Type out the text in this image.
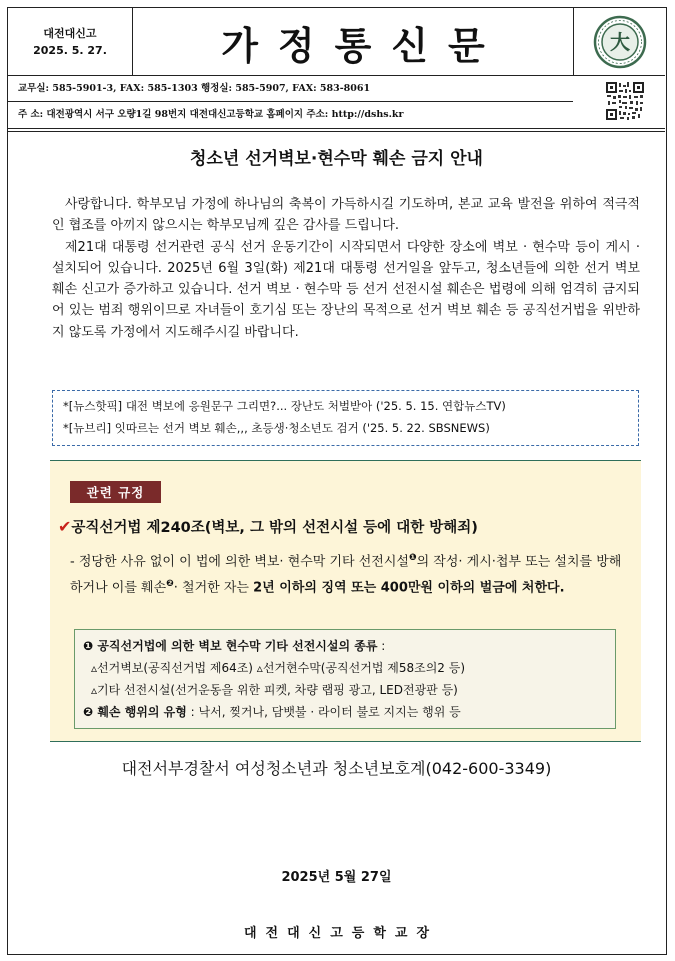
대전대신고
2025. 5. 27.	가정통신문	大
교무실: 585-5901-3, FAX: 585-1303 행정실: 585-5907, FAX: 583-8061
주 소: 대전광역시 서구 오량1길 98번지 대전대신고등학교 홈페이지 주소: http://dshs.kr
청소년 선거벽보·현수막 훼손 금지 안내

사랑합니다. 학부모님 가정에 하나님의 축복이 가득하시길 기도하며, 본교 교육 발전을 위하여 적극적인 협조를 아끼지 않으시는 학부모님께 깊은 감사를 드립니다.

제21대 대통령 선거관련 공식 선거 운동기간이 시작되면서 다양한 장소에 벽보 · 현수막 등이 게시 · 설치되어 있습니다. 2025년 6월 3일(화) 제21대 대통령 선거일을 앞두고, 청소년들에 의한 선거 벽보 훼손 신고가 증가하고 있습니다. 선거 벽보 · 현수막 등 선거 선전시설 훼손은 법령에 의해 엄격히 금지되어 있는 범죄 행위이므로 자녀들이 호기심 또는 장난의 목적으로 선거 벽보 훼손 등 공직선거법을 위반하지 않도록 가정에서 지도해주시길 바랍니다.

*[뉴스핫픽] 대전 벽보에 응원문구 그리면?... 장난도 처벌받아 ('25. 5. 15. 연합뉴스TV)
*[뉴브리] 잇따르는 선거 벽보 훼손,,, 초등생·청소년도 검거 ('25. 5. 22. SBSNEWS)
관련 규정
✔공직선거법 제240조(벽보, 그 밖의 선전시설 등에 대한 방해죄)
- 정당한 사유 없이 이 법에 의한 벽보· 현수막 기타 선전시설$^❶$의 작성· 게시·첩부 또는 설치를 방해하거나 이를 훼손$^❷$· 철거한 자는 2년 이하의 징역 또는 400만원 이하의 벌금에 처한다.
❶ 공직선거법에 의한 벽보 현수막 기타 선전시설의 종류 :
▵선거벽보(공직선거법 제64조) ▵선거현수막(공직선거법 제58조의2 등)
▵기타 선전시설(선거운동을 위한 피켓, 차량 랩핑 광고, LED전광판 등)
❷ 훼손 행위의 유형 : 낙서, 찢거나, 담뱃불 · 라이터 불로 지지는 행위 등
대전서부경찰서 여성청소년과 청소년보호계(042-600-3349)
2025년 5월 27일
대전대신고등학교장
